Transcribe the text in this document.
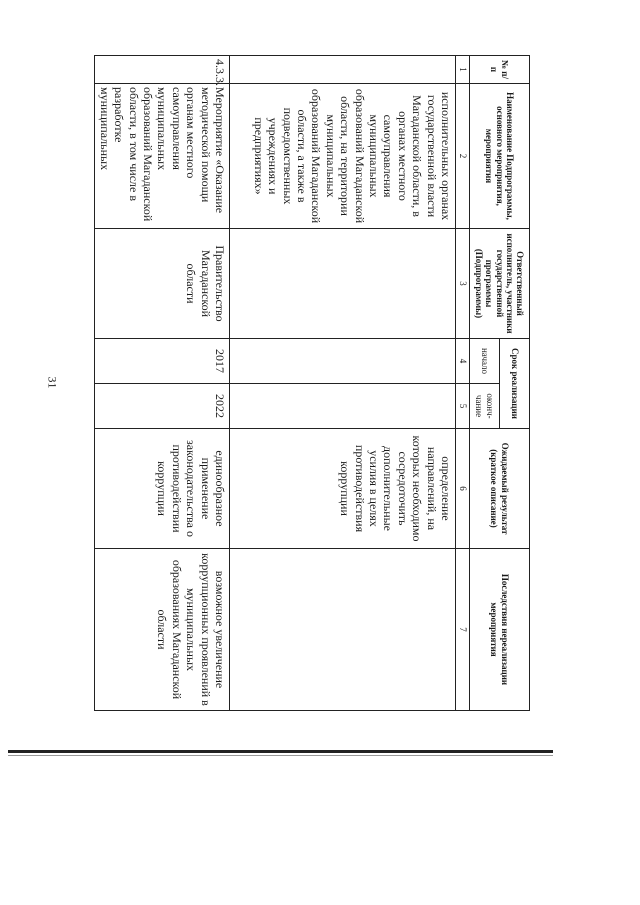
31
№ п/п	Наименование Подпрограммы, основного мероприятия, мероприятия	Ответственный исполнитель, участники государственной программы (Подпрограммы)	Срок реализации		Ожидаемый результат (краткое описание)	Последствия нереализации мероприятия
			начало	оконч-чание		
1	2	3	4	5	6	7
	исполнительных органах государственной власти Магаданской области, в органах местного самоуправления муниципальных образований Магаданской области, на территории муниципальных образований Магаданской области, а также в подведомственных учреждениях и предприятиях»				определение направлений, на которых необходимо сосредоточить дополнительные усилия в целях противодействия коррупции	
4.3.3.	Мероприятие «Оказание методической помощи органам местного самоуправления муниципальных образований Магаданской области, в том числе в разработке муниципальных	Правительство Магаданской области	2017	2022	единообразное применение законодательства о противодействии коррупции	возможное увеличение коррупционных проявлений в муниципальных образованиях Магаданской области
